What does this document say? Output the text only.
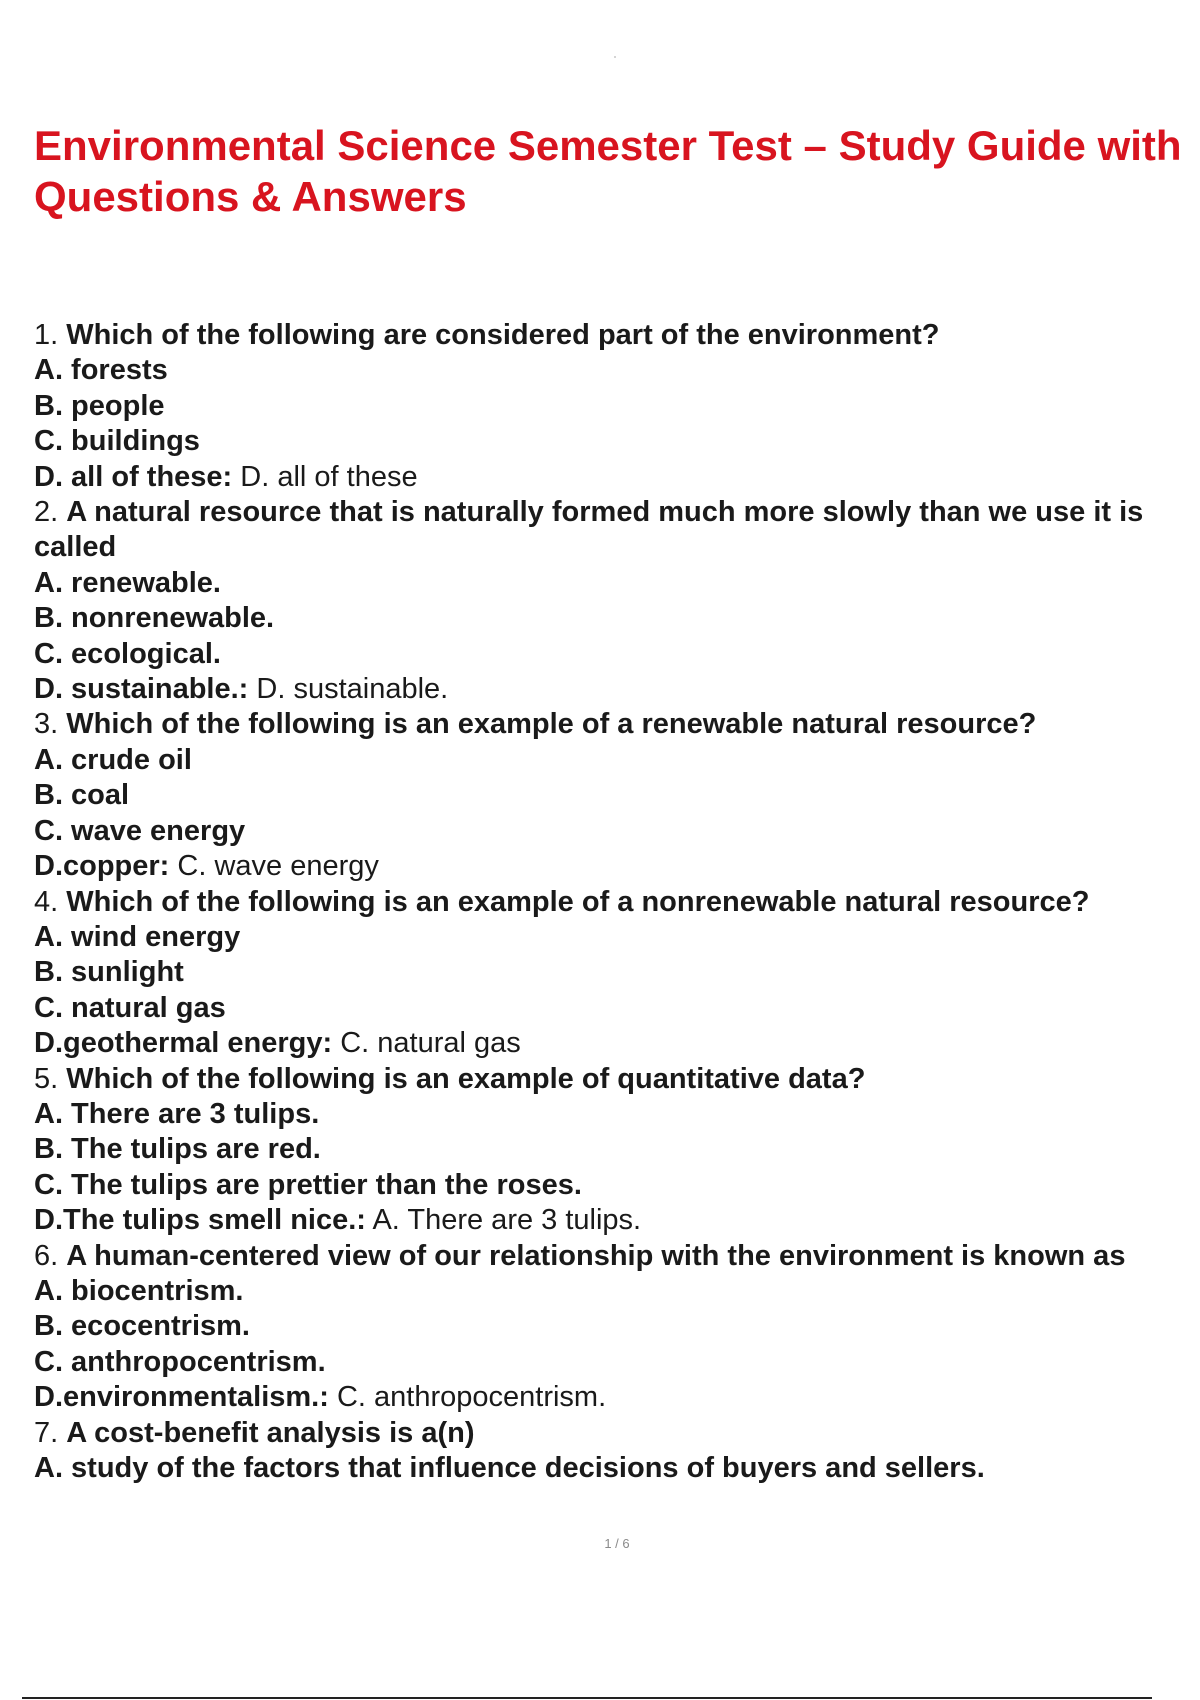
Environmental Science Semester Test – Study Guide with Questions & Answers
1. Which of the following are considered part of the environment?
A. forests
B. people
C. buildings
D. all of these: D. all of these
2. A natural resource that is naturally formed much more slowly than we use it is called
A. renewable.
B. nonrenewable.
C. ecological.
D. sustainable.: D. sustainable.
3. Which of the following is an example of a renewable natural resource?
A. crude oil
B. coal
C. wave energy
D.copper: C. wave energy
4. Which of the following is an example of a nonrenewable natural resource?
A. wind energy
B. sunlight
C. natural gas
D.geothermal energy: C. natural gas
5. Which of the following is an example of quantitative data?
A. There are 3 tulips.
B. The tulips are red.
C. The tulips are prettier than the roses.
D.The tulips smell nice.: A. There are 3 tulips.
6. A human-centered view of our relationship with the environment is known as
A. biocentrism.
B. ecocentrism.
C. anthropocentrism.
D.environmentalism.: C. anthropocentrism.
7. A cost-benefit analysis is a(n)
A. study of the factors that influence decisions of buyers and sellers.
1 / 6
